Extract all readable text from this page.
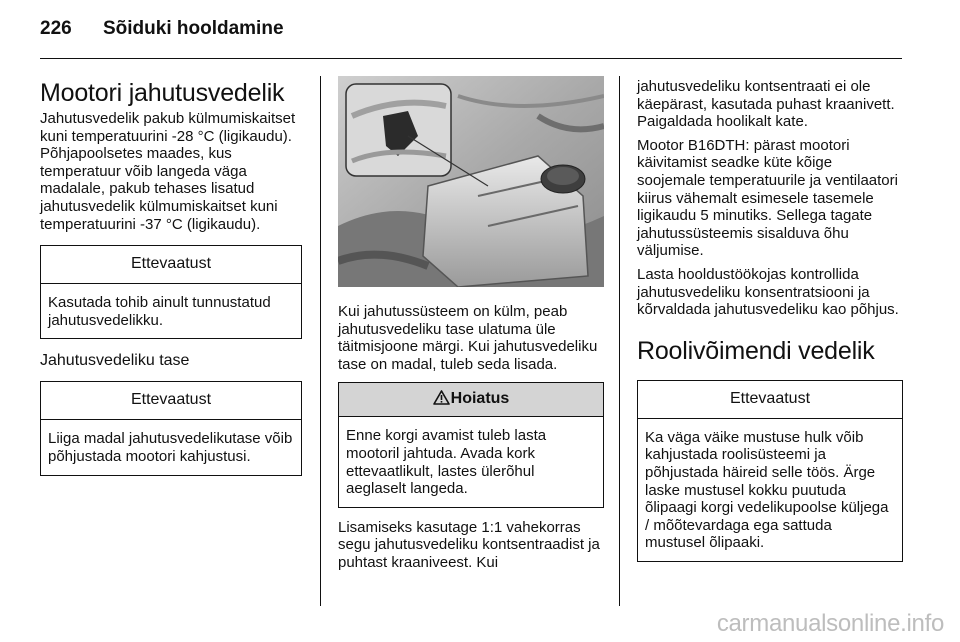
226 Sõiduki hooldamine
Mootori jahutusvedelik

Jahutusvedelik pakub külmumiskaitset kuni temperatuurini -28 °C (ligikaudu). Põhjapoolsetes maades, kus temperatuur võib langeda väga madalale, pakub tehases lisatud jahutusvedelik külmumiskaitset kuni temperatuurini -37 °C (ligikaudu).

Ettevaatust

Kasutada tohib ainult tunnustatud jahutusvedelikku.

Jahutusvedeliku tase
Ettevaatust

Liiga madal jahutusvedelikutase võib põhjustada mootori kahjustusi.

Kui jahutussüsteem on külm, peab jahutusvedeliku tase ulatuma üle täitmisjoone märgi. Kui jahutusvedeliku tase on madal, tuleb seda lisada.

Hoiatus

Enne korgi avamist tuleb lasta mootoril jahtuda. Avada kork ettevaatlikult, lastes ülerõhul aeglaselt langeda.

Lisamiseks kasutage 1:1 vahekorras segu jahutusvedeliku kontsentraadist ja puhtast kraaniveest. Kui

jahutusvedeliku kontsentraati ei ole käepärast, kasutada puhast kraanivett. Paigaldada hoolikalt kate.

Mootor B16DTH: pärast mootori käivitamist seadke küte kõige soojemale temperatuurile ja ventilaatori kiirus vähemalt esimesele tasemele ligikaudu 5 minutiks. Sellega tagate jahutussüsteemis sisalduva õhu väljumise.

Lasta hooldustöökojas kontrollida jahutusvedeliku konsentratsiooni ja kõrvaldada jahutusvedeliku kao põhjus.

Roolivõimendi vedelik
Ettevaatust

Ka väga väike mustuse hulk võib kahjustada roolisüsteemi ja põhjustada häireid selle töös. Ärge laske mustusel kokku puutuda õlipaagi korgi vedelikupoolse küljega / mõõtevardaga ega sattuda mustusel õlipaaki.

carmanualsonline.info
